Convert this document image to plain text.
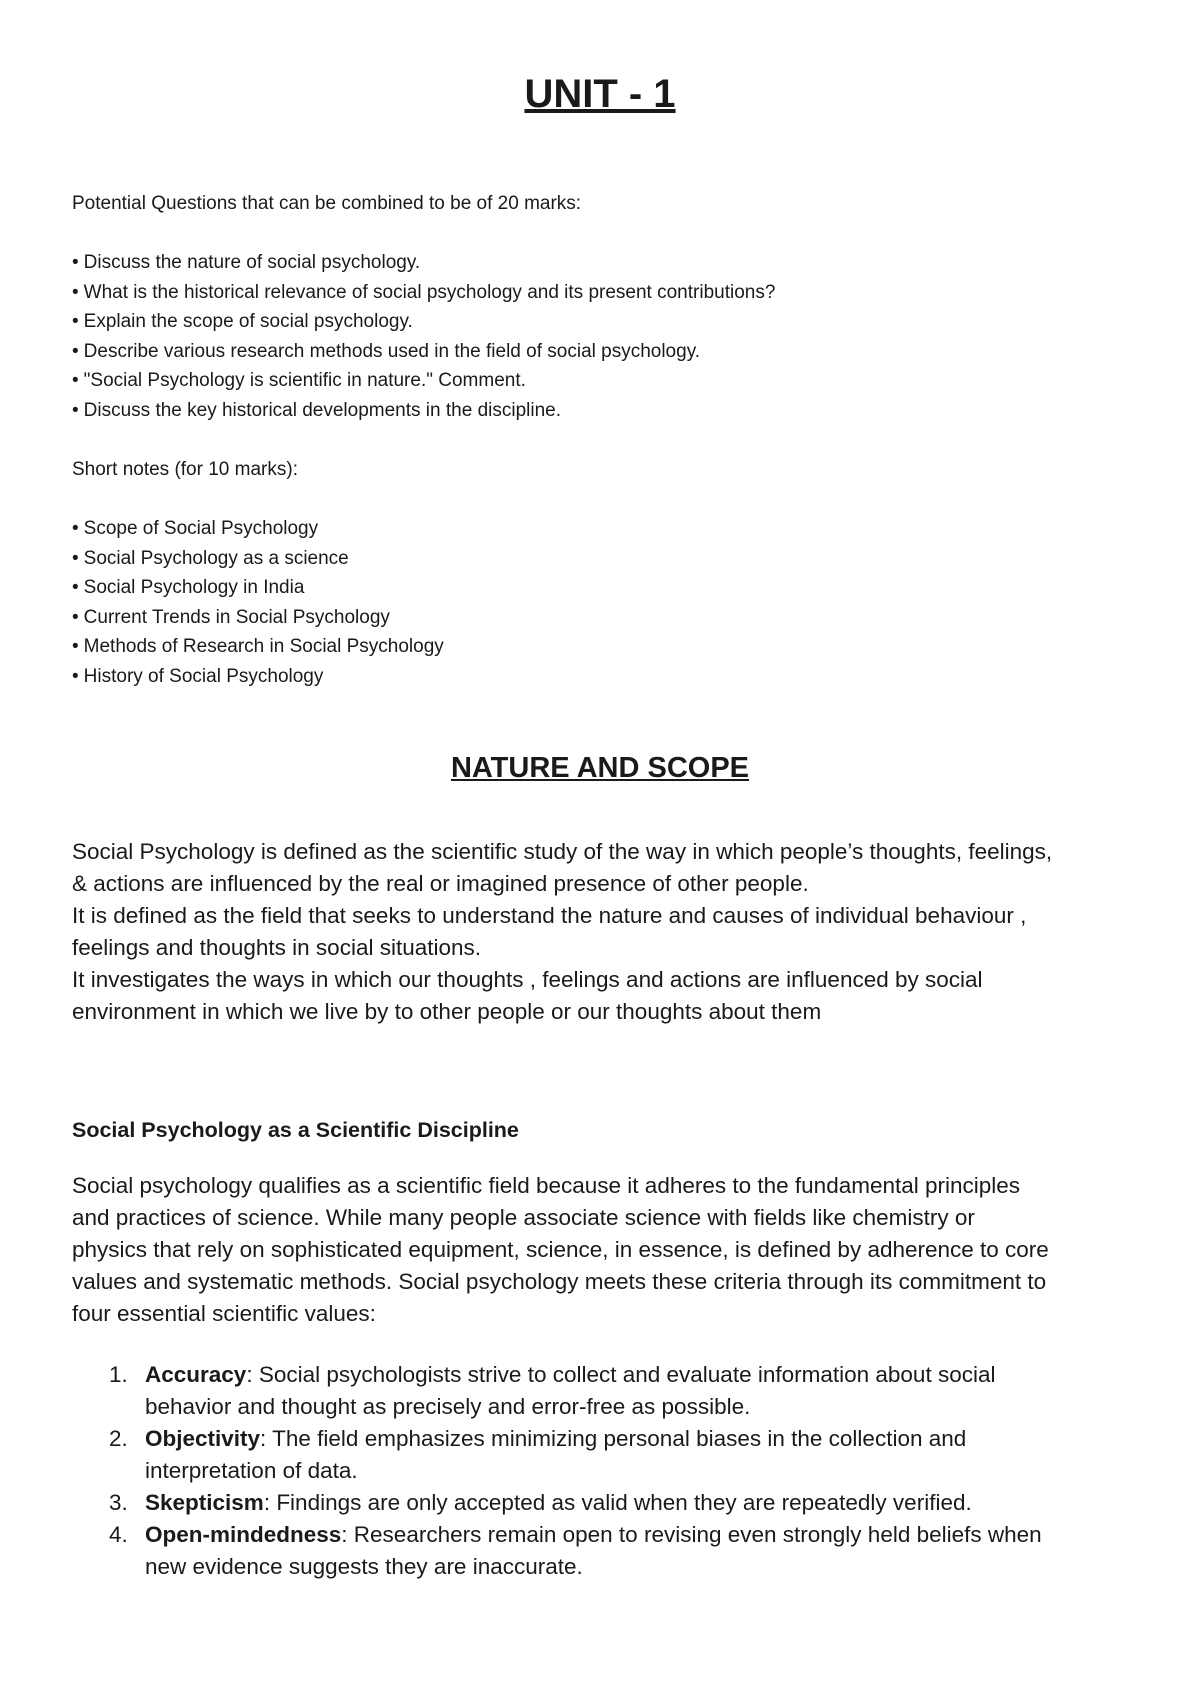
UNIT - 1

Potential Questions that can be combined to be of 20 marks:

• Discuss the nature of social psychology.
• What is the historical relevance of social psychology and its present contributions?
• Explain the scope of social psychology.
• Describe various research methods used in the field of social psychology.
• "Social Psychology is scientific in nature." Comment.
• Discuss the key historical developments in the discipline.

Short notes (for 10 marks):

• Scope of Social Psychology
• Social Psychology as a science
• Social Psychology in India
• Current Trends in Social Psychology
• Methods of Research in Social Psychology
• History of Social Psychology
NATURE AND SCOPE
Social Psychology is defined as the scientific study of the way in which people’s thoughts, feelings,
& actions are influenced by the real or imagined presence of other people.
It is defined as the field that seeks to understand the nature and causes of individual behaviour ,
feelings and thoughts in social situations.
It investigates the ways in which our thoughts , feelings and actions are influenced by social
environment in which we live by to other people or our thoughts about them
Social Psychology as a Scientific Discipline
Social psychology qualifies as a scientific field because it adheres to the fundamental principles
and practices of science. While many people associate science with fields like chemistry or
physics that rely on sophisticated equipment, science, in essence, is defined by adherence to core
values and systematic methods. Social psychology meets these criteria through its commitment to
four essential scientific values:
1. Accuracy: Social psychologists strive to collect and evaluate information about social
behavior and thought as precisely and error-free as possible.
2. Objectivity: The field emphasizes minimizing personal biases in the collection and
interpretation of data.
3. Skepticism: Findings are only accepted as valid when they are repeatedly verified.
4. Open-mindedness: Researchers remain open to revising even strongly held beliefs when
new evidence suggests they are inaccurate.
